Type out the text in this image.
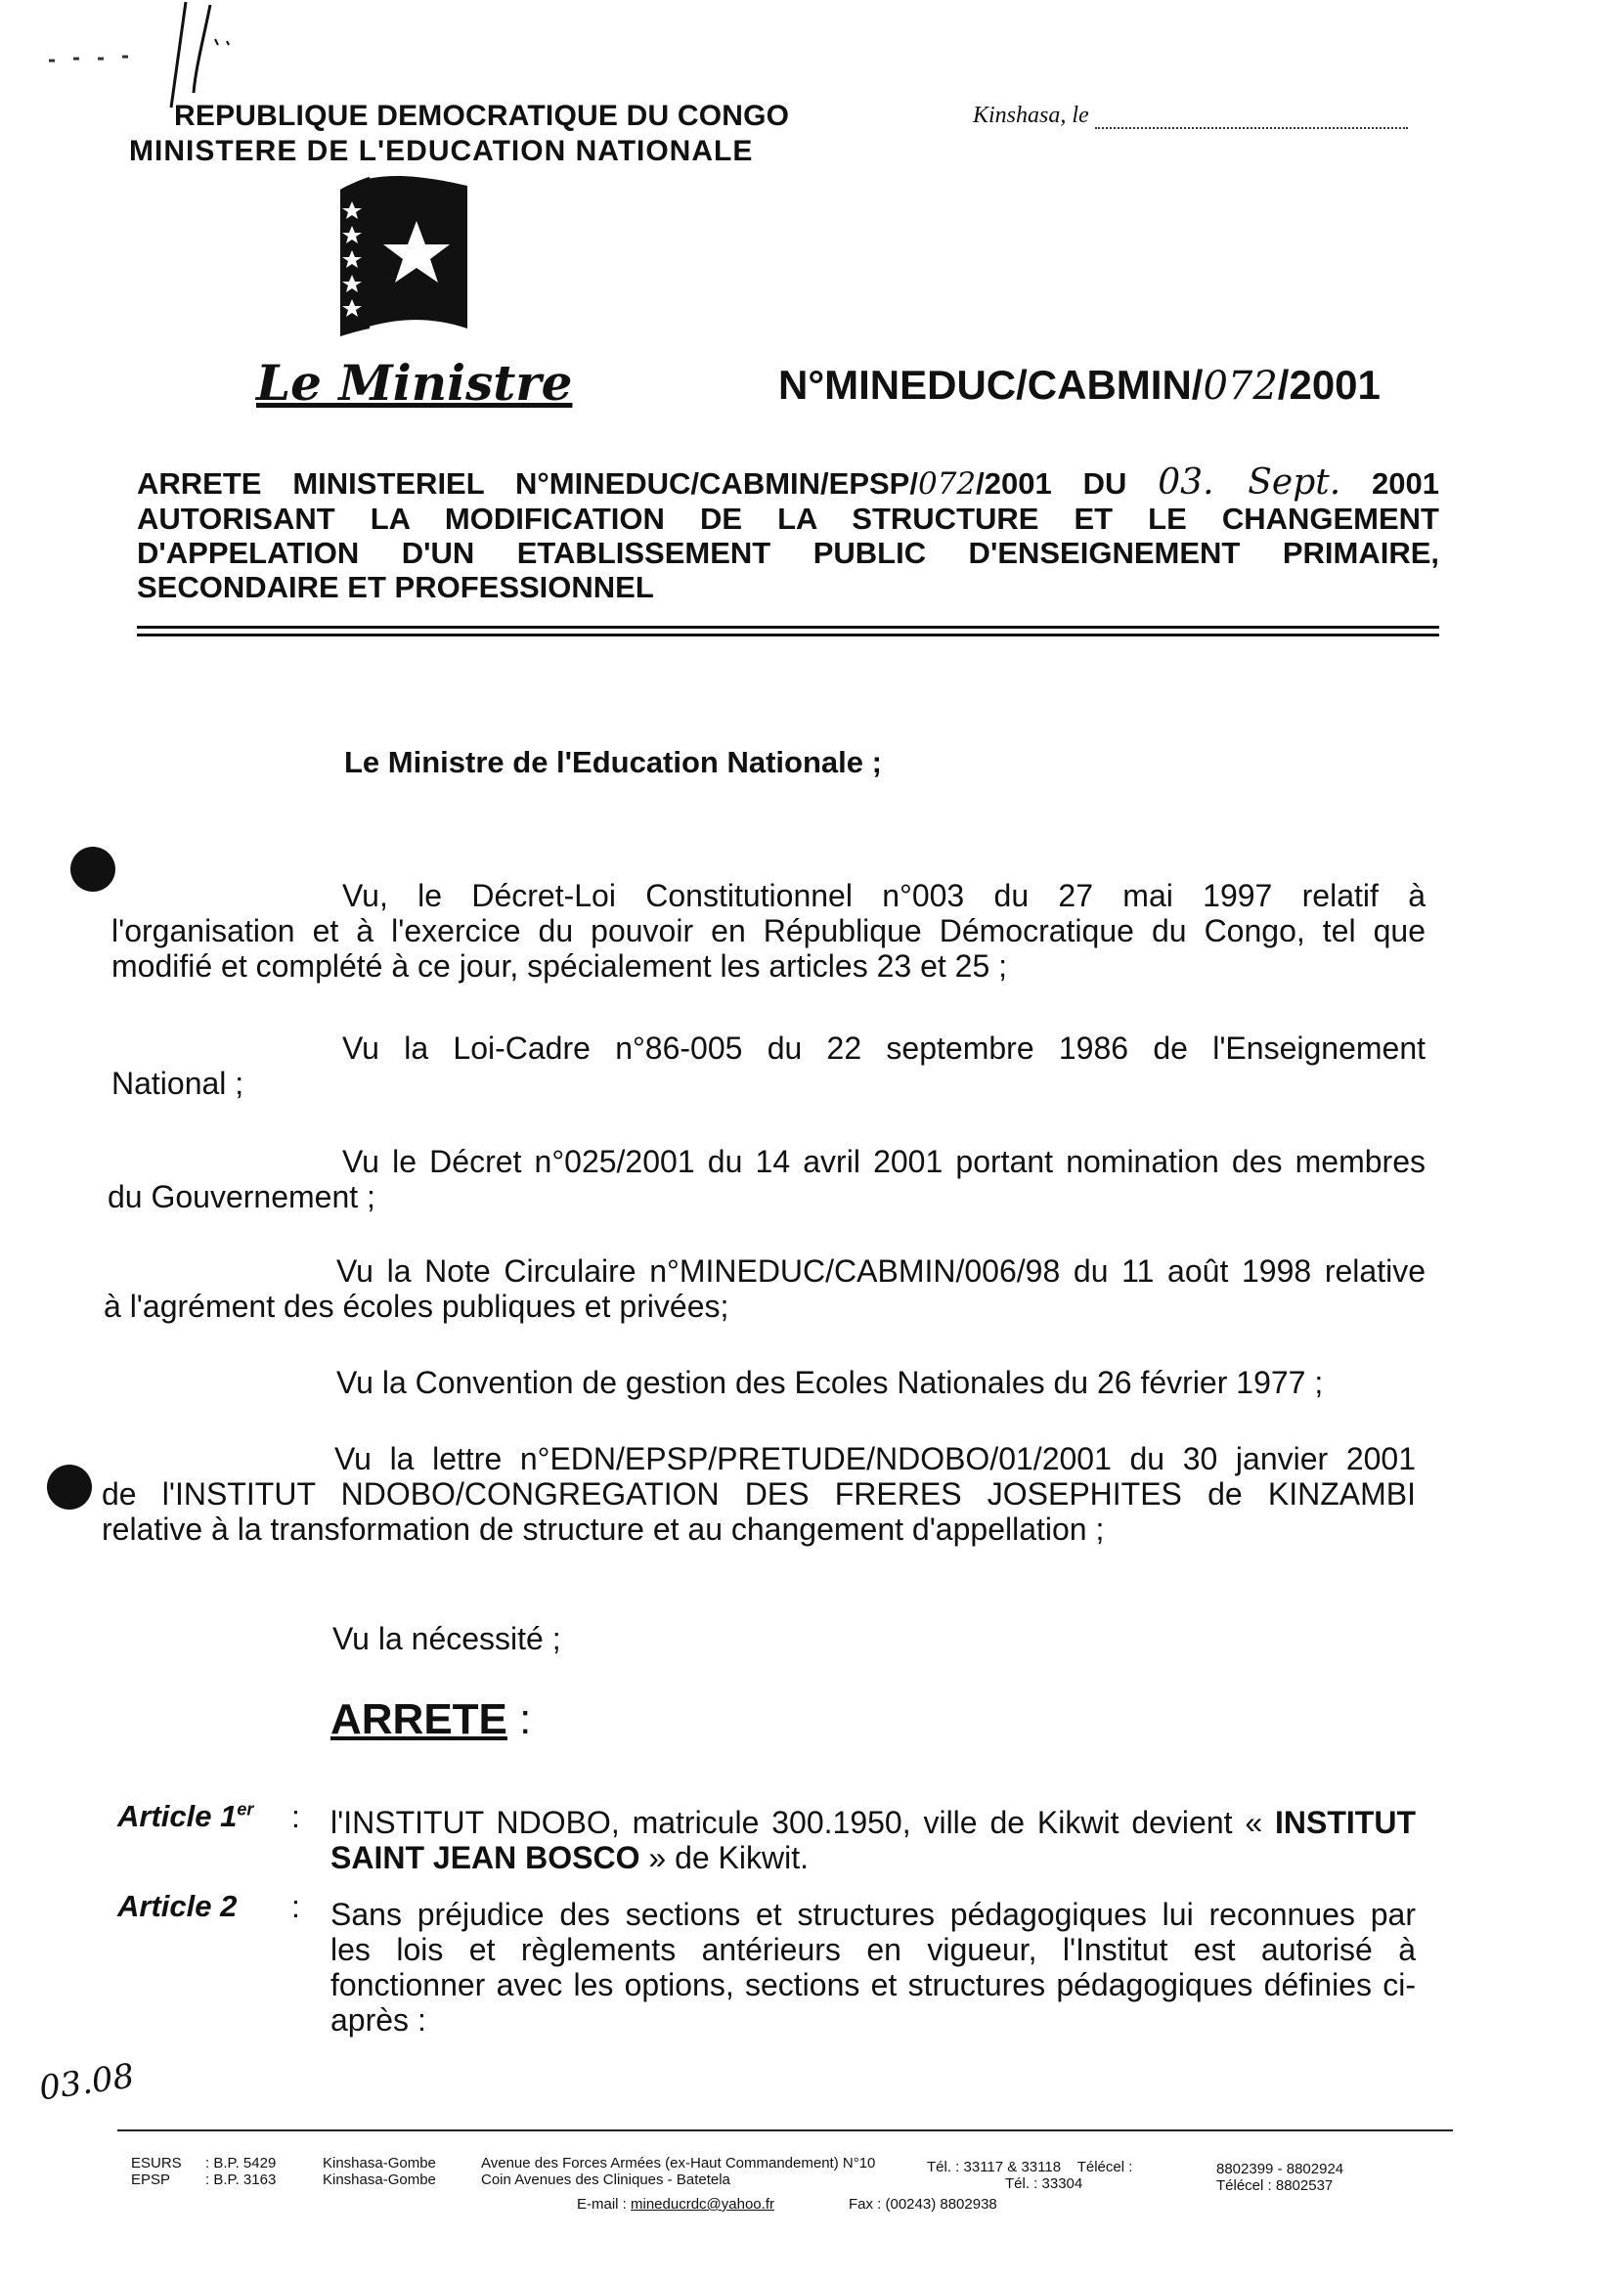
REPUBLIQUE DEMOCRATIQUE DU CONGO
MINISTERE DE L'EDUCATION NATIONALE
Kinshasa, le
Le Ministre	N°MINEDUC/CABMIN/072/2001
ARRETE MINISTERIEL N°MINEDUC/CABMIN/EPSP/072/2001 DU 03. Sept. 2001
AUTORISANT LA MODIFICATION DE LA STRUCTURE ET LE CHANGEMENT
D'APPELATION D'UN ETABLISSEMENT PUBLIC D'ENSEIGNEMENT PRIMAIRE,
SECONDAIRE ET PROFESSIONNEL
Le Ministre de l'Education Nationale ;
Vu, le Décret-Loi Constitutionnel n°003 du 27 mai 1997 relatif à
l'organisation et à l'exercice du pouvoir en République Démocratique du Congo, tel que
modifié et complété à ce jour, spécialement les articles 23 et 25 ;
Vu la Loi-Cadre n°86-005 du 22 septembre 1986 de l'Enseignement
National ;
Vu le Décret n°025/2001 du 14 avril 2001 portant nomination des membres
du Gouvernement ;
Vu la Note Circulaire n°MINEDUC/CABMIN/006/98 du 11 août 1998 relative
à l'agrément des écoles publiques et privées;
Vu la Convention de gestion des Ecoles Nationales du 26 février 1977 ;
Vu la lettre n°EDN/EPSP/PRETUDE/NDOBO/01/2001 du 30 janvier 2001
de l'INSTITUT NDOBO/CONGREGATION DES FRERES JOSEPHITES de KINZAMBI
relative à la transformation de structure et au changement d'appellation ;
Vu la nécessité ;
ARRETE :
Article 1er : l'INSTITUT NDOBO, matricule 300.1950, ville de Kikwit devient « INSTITUT
SAINT JEAN BOSCO » de Kikwit.
Article 2 : Sans préjudice des sections et structures pédagogiques lui reconnues par
les lois et règlements antérieurs en vigueur, l'Institut est autorisé à
fonctionner avec les options, sections et structures pédagogiques définies ci-
après :
03.08
ESURS : B.P. 5429	Kinshasa-Gombe
EPSP : B.P. 3163	Kinshasa-Gombe
Avenue des Forces Armées (ex-Haut Commandement) N°10
Coin Avenues des Cliniques - Batetela
E-mail : mineducrdc@yahoo.fr
Tél. : 33117 & 33118 Télécel :
Tél. : 33304
Fax : (00243) 8802938
8802399 - 8802924
Télécel : 8802537
